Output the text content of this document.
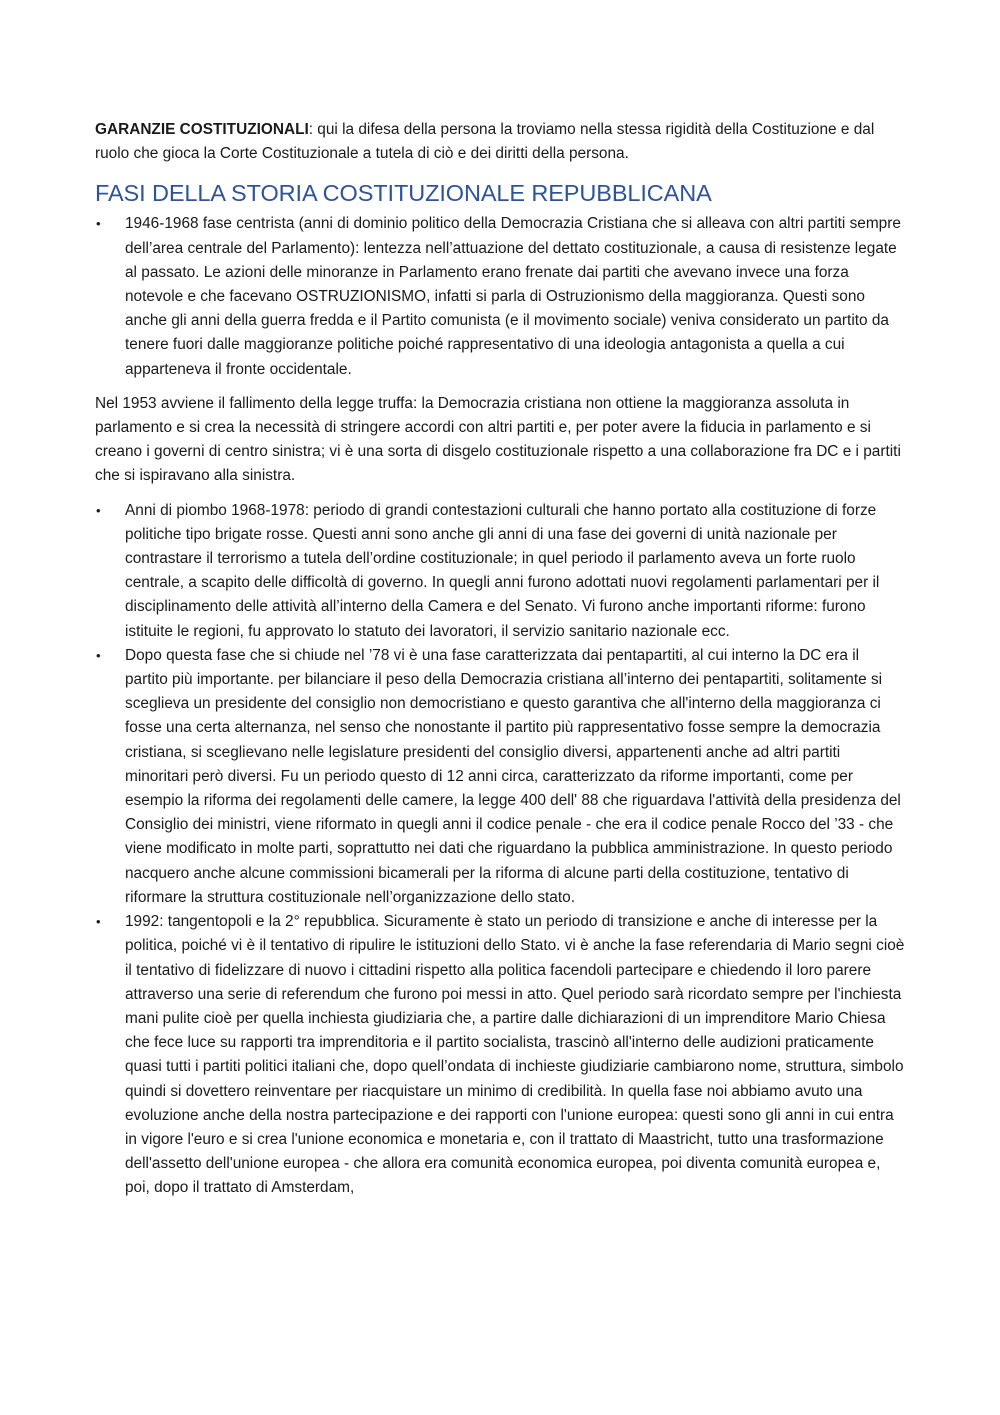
GARANZIE COSTITUZIONALI: qui la difesa della persona la troviamo nella stessa rigidità della Costituzione e dal ruolo che gioca la Corte Costituzionale a tutela di ciò e dei diritti della persona.

FASI DELLA STORIA COSTITUZIONALE REPUBBLICANA
• 1946-1968 fase centrista (anni di dominio politico della Democrazia Cristiana che si alleava con altri partiti sempre dell’area centrale del Parlamento): lentezza nell’attuazione del dettato costituzionale, a causa di resistenze legate al passato. Le azioni delle minoranze in Parlamento erano frenate dai partiti che avevano invece una forza notevole e che facevano OSTRUZIONISMO, infatti si parla di Ostruzionismo della maggioranza. Questi sono anche gli anni della guerra fredda e il Partito comunista (e il movimento sociale) veniva considerato un partito da tenere fuori dalle maggioranze politiche poiché rappresentativo di una ideologia antagonista a quella a cui apparteneva il fronte occidentale.

Nel 1953 avviene il fallimento della legge truffa: la Democrazia cristiana non ottiene la maggioranza assoluta in parlamento e si crea la necessità di stringere accordi con altri partiti e, per poter avere la fiducia in parlamento e si creano i governi di centro sinistra; vi è una sorta di disgelo costituzionale rispetto a una collaborazione fra DC e i partiti che si ispiravano alla sinistra.

• Anni di piombo 1968-1978: periodo di grandi contestazioni culturali che hanno portato alla costituzione di forze politiche tipo brigate rosse. Questi anni sono anche gli anni di una fase dei governi di unità nazionale per contrastare il terrorismo a tutela dell’ordine costituzionale; in quel periodo il parlamento aveva un forte ruolo centrale, a scapito delle difficoltà di governo. In quegli anni furono adottati nuovi regolamenti parlamentari per il disciplinamento delle attività all’interno della Camera e del Senato. Vi furono anche importanti riforme: furono istituite le regioni, fu approvato lo statuto dei lavoratori, il servizio sanitario nazionale ecc.
• Dopo questa fase che si chiude nel ’78 vi è una fase caratterizzata dai pentapartiti, al cui interno la DC era il partito più importante. per bilanciare il peso della Democrazia cristiana all’interno dei pentapartiti, solitamente si sceglieva un presidente del consiglio non democristiano e questo garantiva che all'interno della maggioranza ci fosse una certa alternanza, nel senso che nonostante il partito più rappresentativo fosse sempre la democrazia cristiana, si sceglievano nelle legislature presidenti del consiglio diversi, appartenenti anche ad altri partiti minoritari però diversi. Fu un periodo questo di 12 anni circa, caratterizzato da riforme importanti, come per esempio la riforma dei regolamenti delle camere, la legge 400 dell' 88 che riguardava l'attività della presidenza del Consiglio dei ministri, viene riformato in quegli anni il codice penale - che era il codice penale Rocco del ’33 - che viene modificato in molte parti, soprattutto nei dati che riguardano la pubblica amministrazione. In questo periodo nacquero anche alcune commissioni bicamerali per la riforma di alcune parti della costituzione, tentativo di riformare la struttura costituzionale nell’organizzazione dello stato.
• 1992: tangentopoli e la 2° repubblica. Sicuramente è stato un periodo di transizione e anche di interesse per la politica, poiché vi è il tentativo di ripulire le istituzioni dello Stato. vi è anche la fase referendaria di Mario segni cioè il tentativo di fidelizzare di nuovo i cittadini rispetto alla politica facendoli partecipare e chiedendo il loro parere attraverso una serie di referendum che furono poi messi in atto. Quel periodo sarà ricordato sempre per l'inchiesta mani pulite cioè per quella inchiesta giudiziaria che, a partire dalle dichiarazioni di un imprenditore Mario Chiesa che fece luce su rapporti tra imprenditoria e il partito socialista, trascinò all'interno delle audizioni praticamente quasi tutti i partiti politici italiani che, dopo quell’ondata di inchieste giudiziarie cambiarono nome, struttura, simbolo quindi si dovettero reinventare per riacquistare un minimo di credibilità. In quella fase noi abbiamo avuto una evoluzione anche della nostra partecipazione e dei rapporti con l'unione europea: questi sono gli anni in cui entra in vigore l'euro e si crea l'unione economica e monetaria e, con il trattato di Maastricht, tutto una trasformazione dell'assetto dell'unione europea - che allora era comunità economica europea, poi diventa comunità europea e, poi, dopo il trattato di Amsterdam,
